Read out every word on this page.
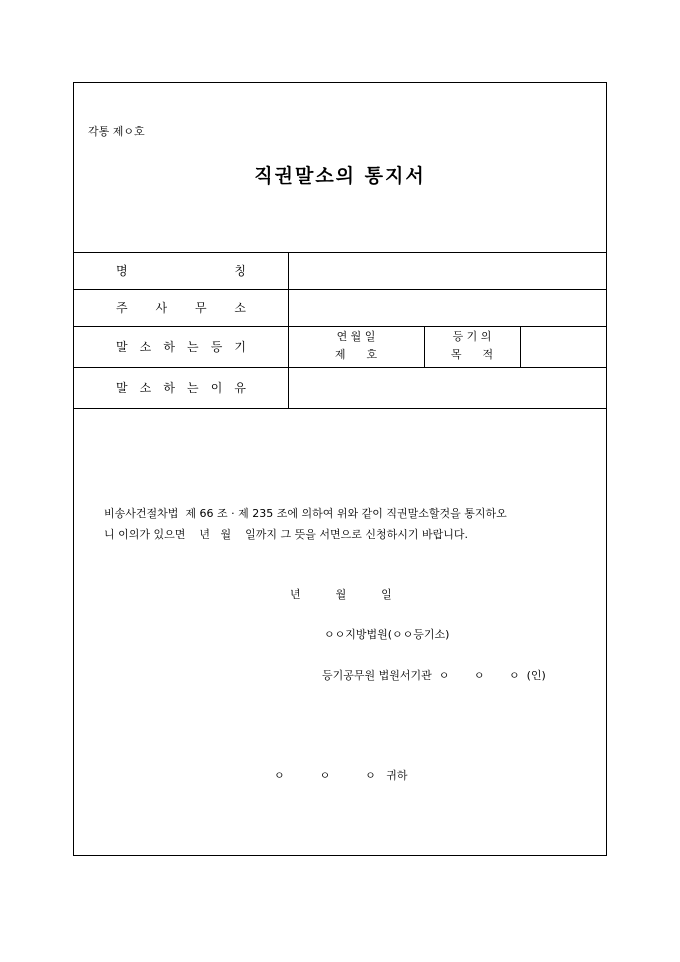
각통 제ㅇ호
직권말소의 통지서
명	칭
주 사 무 소
말 소 하 는 등 기
말 소 하 는 이 유
연 월 일
제      호
등 기 의
목      적
비송사건절차법  제 66 조 · 제 235 조에 의하여 위와 같이 직권말소할것을 통지하오
니 이의가 있으면    년   월    일까지 그 뜻을 서면으로 신청하시기 바랍니다.
년          월          일
ㅇㅇ지방법원(ㅇㅇ등기소)
등기공무원 법원서기관  ㅇ       ㅇ       ㅇ  (인)
ㅇ          ㅇ          ㅇ   귀하
